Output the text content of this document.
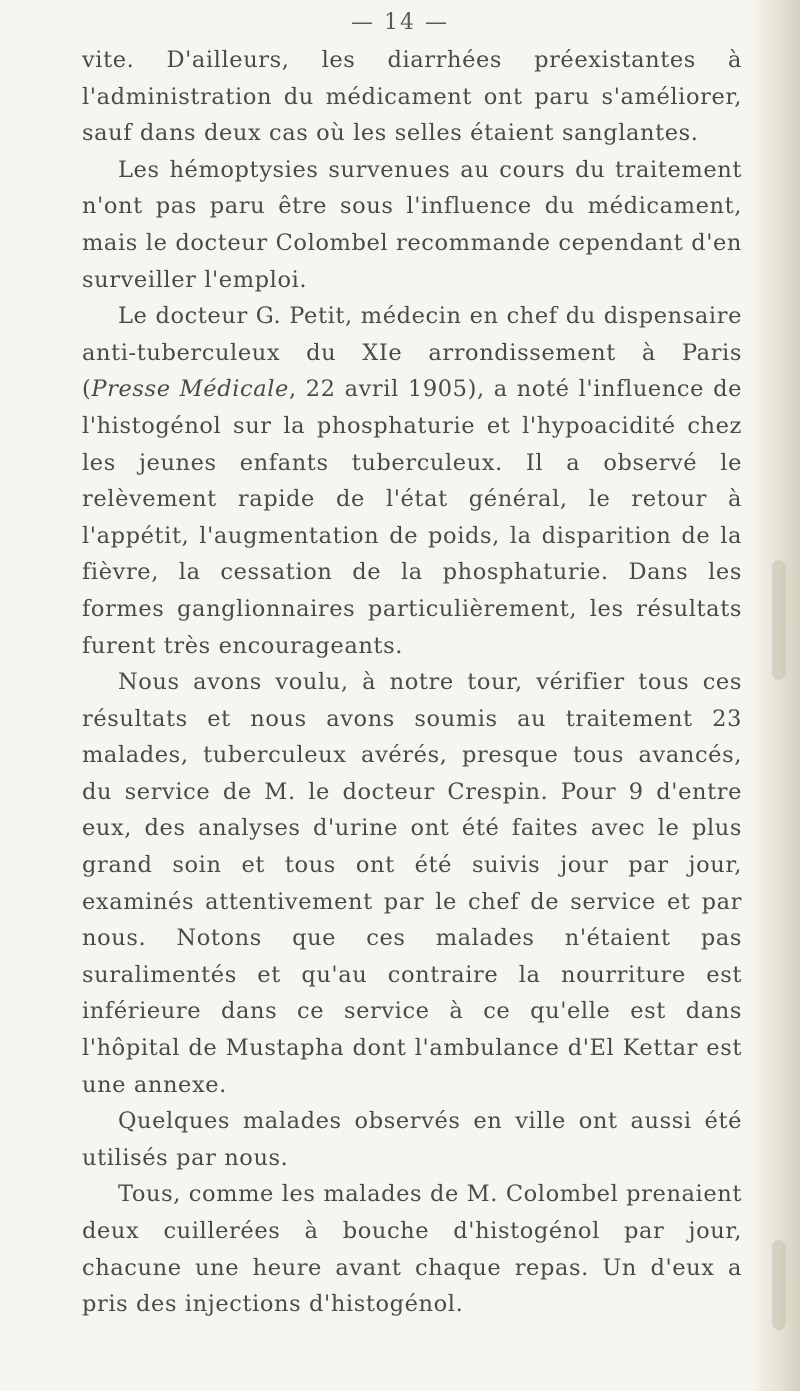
— 14 —

vite. D'ailleurs, les diarrhées préexistantes à l'administration du médicament ont paru s'améliorer, sauf dans deux cas où les selles étaient sanglantes.

Les hémoptysies survenues au cours du traitement n'ont pas paru être sous l'influence du médicament, mais le docteur Colombel recommande cependant d'en surveiller l'emploi.

Le docteur G. Petit, médecin en chef du dispensaire anti-tuberculeux du XIe arrondissement à Paris (Presse Médicale, 22 avril 1905), a noté l'influence de l'histogénol sur la phosphaturie et l'hypoacidité chez les jeunes enfants tuberculeux. Il a observé le relèvement rapide de l'état général, le retour à l'appétit, l'augmentation de poids, la disparition de la fièvre, la cessation de la phosphaturie. Dans les formes ganglionnaires particulièrement, les résultats furent très encourageants.

Nous avons voulu, à notre tour, vérifier tous ces résultats et nous avons soumis au traitement 23 malades, tuberculeux avérés, presque tous avancés, du service de M. le docteur Crespin. Pour 9 d'entre eux, des analyses d'urine ont été faites avec le plus grand soin et tous ont été suivis jour par jour, examinés attentivement par le chef de service et par nous. Notons que ces malades n'étaient pas suralimentés et qu'au contraire la nourriture est inférieure dans ce service à ce qu'elle est dans l'hôpital de Mustapha dont l'ambulance d'El Kettar est une annexe.

Quelques malades observés en ville ont aussi été utilisés par nous.

Tous, comme les malades de M. Colombel prenaient deux cuillerées à bouche d'histogénol par jour, chacune une heure avant chaque repas. Un d'eux a pris des injections d'histogénol.
